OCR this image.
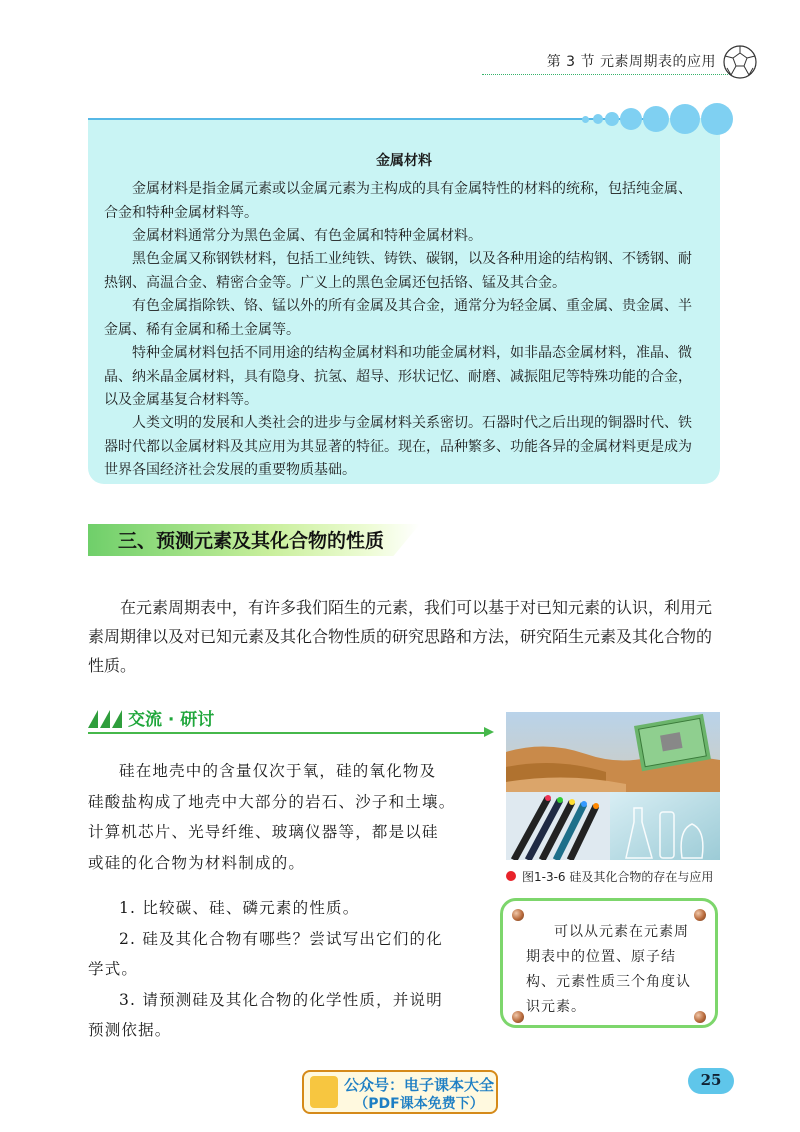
第 3 节 元素周期表的应用
金属材料
金属材料是指金属元素或以金属元素为主构成的具有金属特性的材料的统称，包括纯金属、
合金和特种金属材料等。
金属材料通常分为黑色金属、有色金属和特种金属材料。
黑色金属又称钢铁材料，包括工业纯铁、铸铁、碳钢，以及各种用途的结构钢、不锈钢、耐
热钢、高温合金、精密合金等。广义上的黑色金属还包括铬、锰及其合金。
有色金属指除铁、铬、锰以外的所有金属及其合金，通常分为轻金属、重金属、贵金属、半
金属、稀有金属和稀土金属等。
特种金属材料包括不同用途的结构金属材料和功能金属材料，如非晶态金属材料，准晶、微
晶、纳米晶金属材料，具有隐身、抗氢、超导、形状记忆、耐磨、减振阻尼等特殊功能的合金，
以及金属基复合材料等。
人类文明的发展和人类社会的进步与金属材料关系密切。石器时代之后出现的铜器时代、铁
器时代都以金属材料及其应用为其显著的特征。现在，品种繁多、功能各异的金属材料更是成为
世界各国经济社会发展的重要物质基础。
三、预测元素及其化合物的性质
在元素周期表中，有许多我们陌生的元素，我们可以基于对已知元素的认识，利用元
素周期律以及对已知元素及其化合物性质的研究思路和方法，研究陌生元素及其化合物的
性质。
交流 · 研讨
硅在地壳中的含量仅次于氧，硅的氧化物及
硅酸盐构成了地壳中大部分的岩石、沙子和土壤。
计算机芯片、光导纤维、玻璃仪器等，都是以硅
或硅的化合物为材料制成的。
1. 比较碳、硅、磷元素的性质。
2. 硅及其化合物有哪些？尝试写出它们的化
学式。
3. 请预测硅及其化合物的化学性质，并说明
预测依据。
图1-3-6 硅及其化合物的存在与应用
可以从元素在元素周
期表中的位置、原子结
构、元素性质三个角度认
识元素。
公众号：电子课本大全
（PDF课本免费下）
25
